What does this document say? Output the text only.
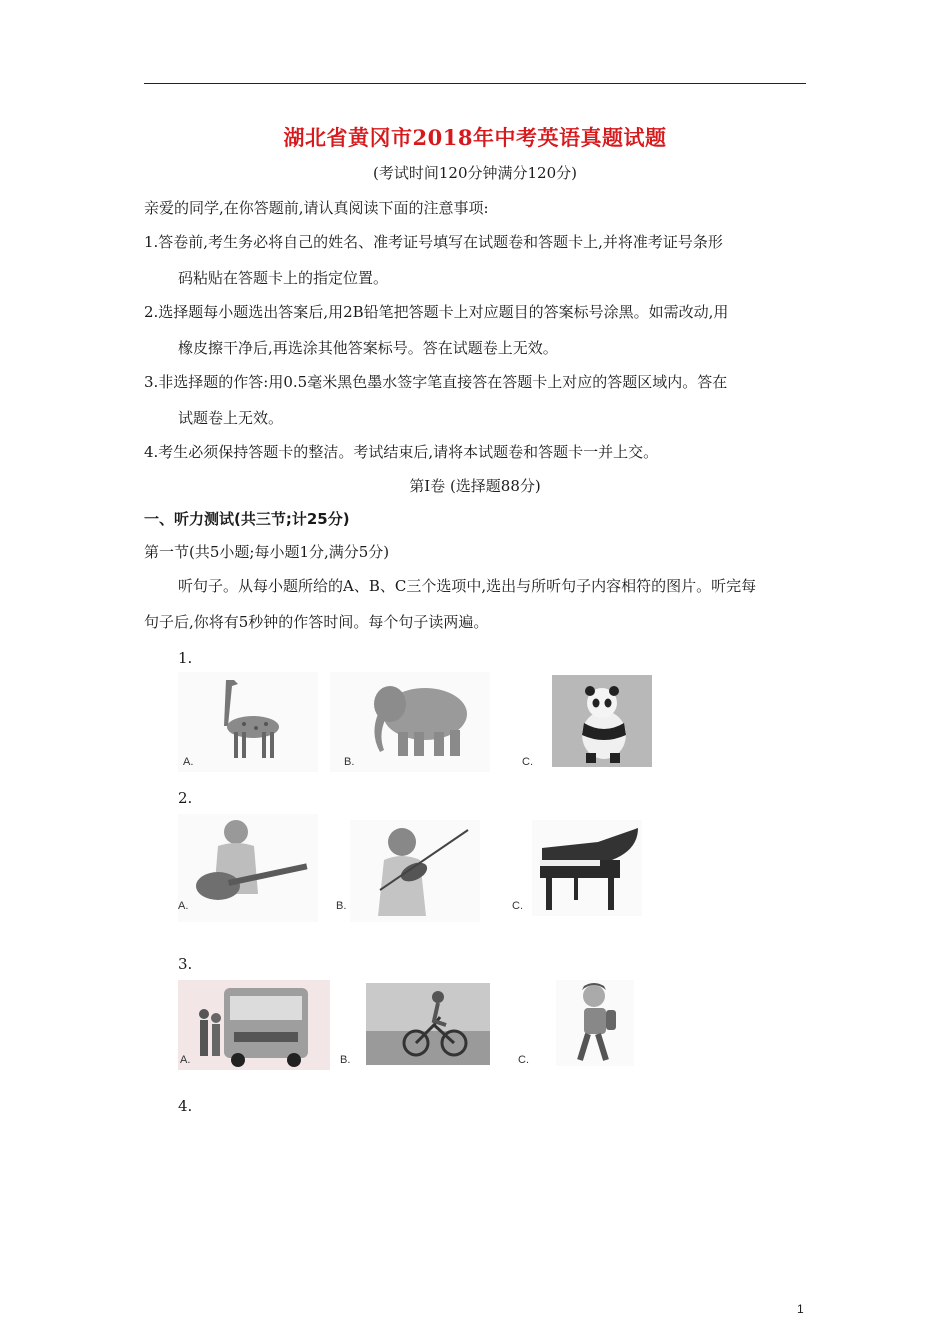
湖北省黄冈市2018年中考英语真题试题
(考试时间120分钟满分120分)
亲爱的同学,在你答题前,请认真阅读下面的注意事项:
1.答卷前,考生务必将自己的姓名、准考证号填写在试题卷和答题卡上,并将准考证号条形
码粘贴在答题卡上的指定位置。
2.选择题每小题选出答案后,用2B铅笔把答题卡上对应题目的答案标号涂黑。如需改动,用
橡皮擦干净后,再选涂其他答案标号。答在试题卷上无效。
3.非选择题的作答:用0.5毫米黑色墨水签字笔直接答在答题卡上对应的答题区域内。答在
试题卷上无效。
4.考生必须保持答题卡的整洁。考试结束后,请将本试题卷和答题卡一并上交。
第Ⅰ卷 (选择题88分)
一、听力测试(共三节;计25分)
第一节(共5小题;每小题1分,满分5分)
听句子。从每小题所给的A、B、C三个选项中,选出与所听句子内容相符的图片。听完每
句子后,你将有5秒钟的作答时间。每个句子读两遍。
1.
A.	B.	C.
2.
A.	B.	C.
3.
A.	B.	C.
4.
1
